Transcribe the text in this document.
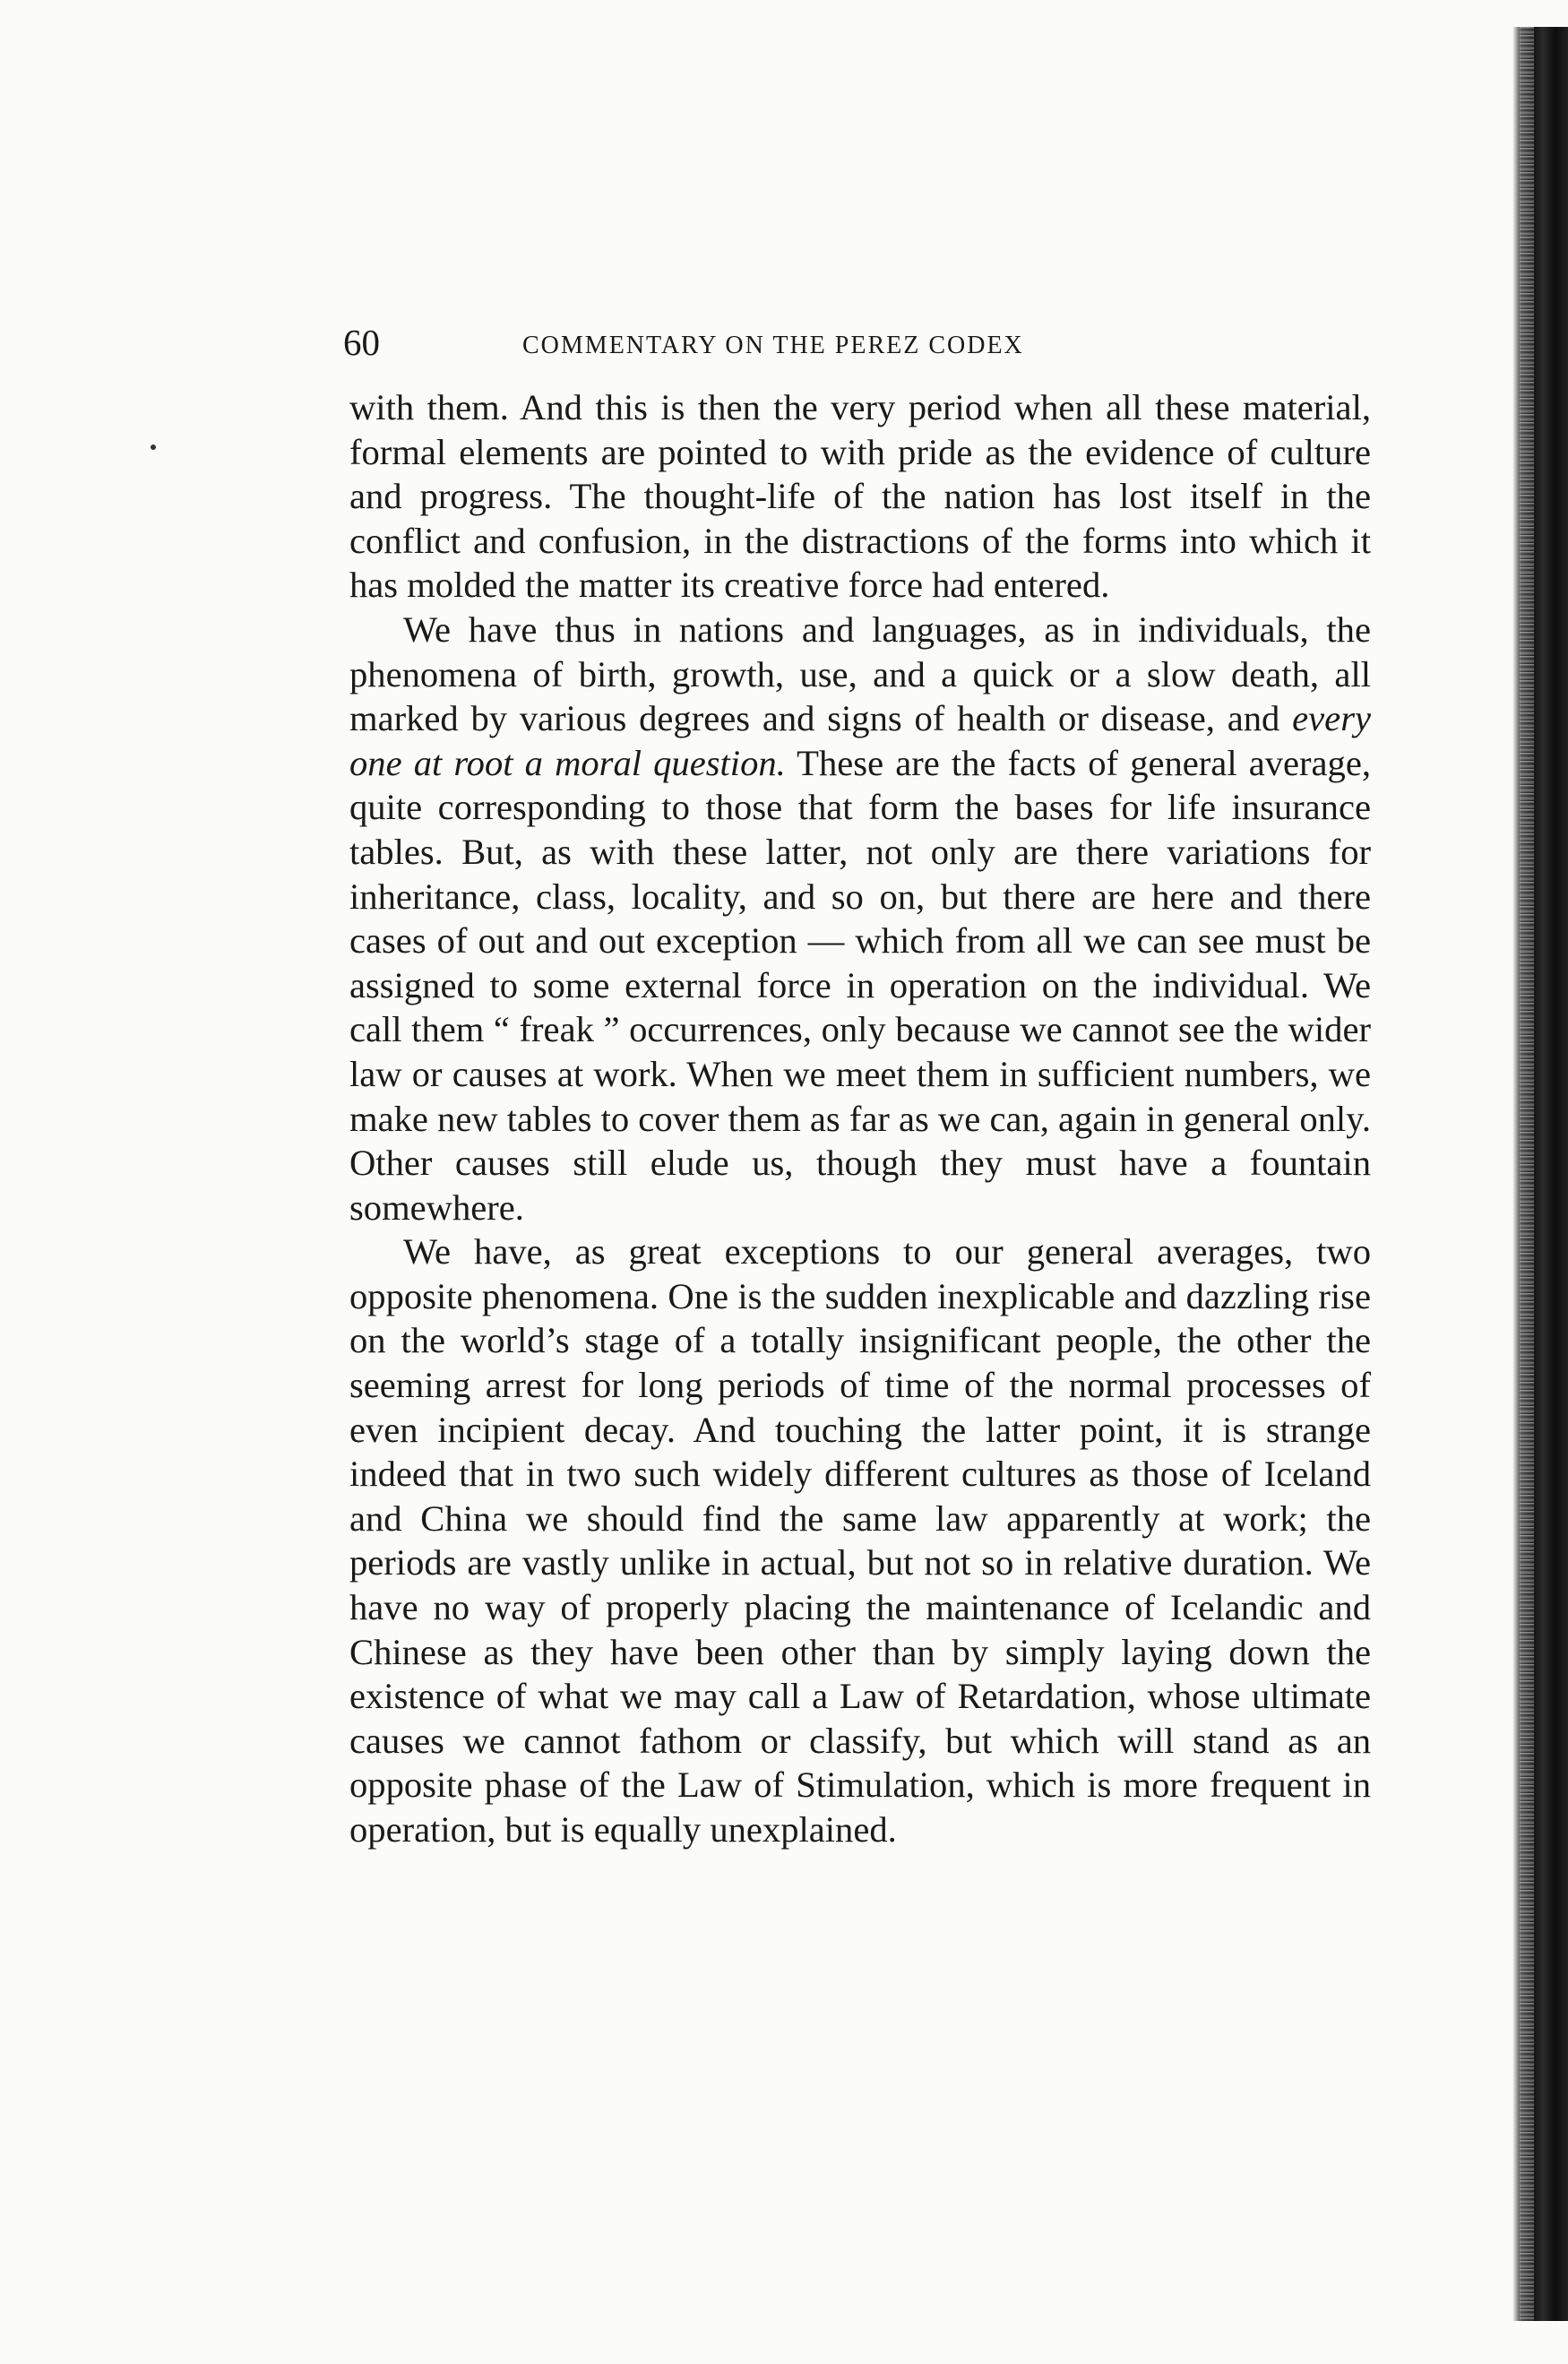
60	COMMENTARY ON THE PEREZ CODEX

with them. And this is then the very period when all these material, formal elements are pointed to with pride as the evidence of culture and progress. The thought-life of the nation has lost itself in the conflict and confusion, in the distractions of the forms into which it has molded the matter its creative force had entered.

We have thus in nations and languages, as in individuals, the phenomena of birth, growth, use, and a quick or a slow death, all marked by various degrees and signs of health or disease, and every one at root a moral question. These are the facts of general average, quite corresponding to those that form the bases for life insurance tables. But, as with these latter, not only are there variations for inheritance, class, locality, and so on, but there are here and there cases of out and out exception — which from all we can see must be assigned to some external force in operation on the individual. We call them “ freak ” occurrences, only because we cannot see the wider law or causes at work. When we meet them in sufficient numbers, we make new tables to cover them as far as we can, again in general only. Other causes still elude us, though they must have a fountain somewhere.

We have, as great exceptions to our general averages, two opposite phenomena. One is the sudden inexplicable and dazzling rise on the world’s stage of a totally insignificant people, the other the seeming arrest for long periods of time of the normal processes of even incipient decay. And touching the latter point, it is strange indeed that in two such widely different cultures as those of Iceland and China we should find the same law apparently at work; the periods are vastly unlike in actual, but not so in relative duration. We have no way of properly placing the maintenance of Icelandic and Chinese as they have been other than by simply laying down the existence of what we may call a Law of Retardation, whose ultimate causes we cannot fathom or classify, but which will stand as an opposite phase of the Law of Stimulation, which is more frequent in operation, but is equally unexplained.
